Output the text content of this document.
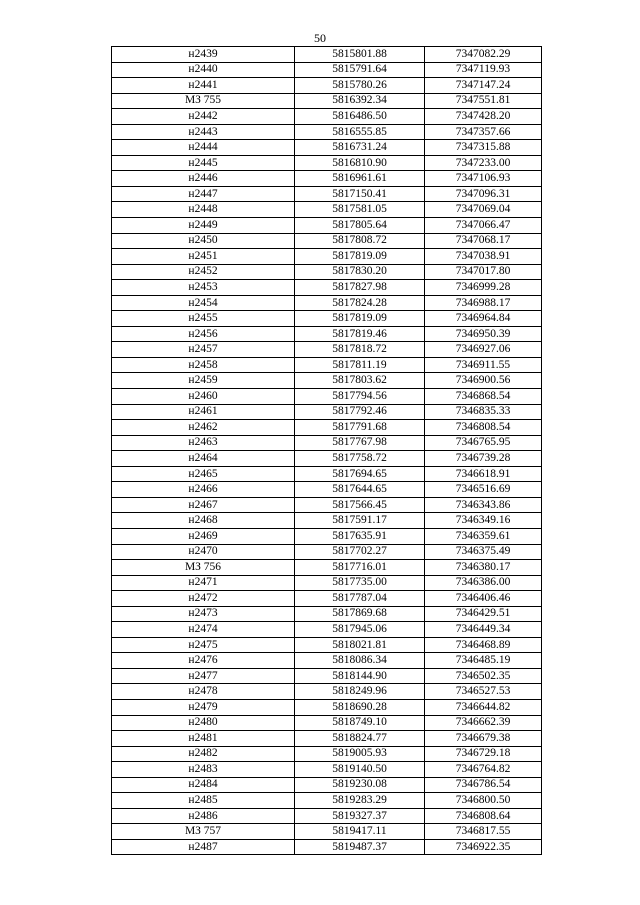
50
н2439	5815801.88	7347082.29
н2440	5815791.64	7347119.93
н2441	5815780.26	7347147.24
МЗ 755	5816392.34	7347551.81
н2442	5816486.50	7347428.20
н2443	5816555.85	7347357.66
н2444	5816731.24	7347315.88
н2445	5816810.90	7347233.00
н2446	5816961.61	7347106.93
н2447	5817150.41	7347096.31
н2448	5817581.05	7347069.04
н2449	5817805.64	7347066.47
н2450	5817808.72	7347068.17
н2451	5817819.09	7347038.91
н2452	5817830.20	7347017.80
н2453	5817827.98	7346999.28
н2454	5817824.28	7346988.17
н2455	5817819.09	7346964.84
н2456	5817819.46	7346950.39
н2457	5817818.72	7346927.06
н2458	5817811.19	7346911.55
н2459	5817803.62	7346900.56
н2460	5817794.56	7346868.54
н2461	5817792.46	7346835.33
н2462	5817791.68	7346808.54
н2463	5817767.98	7346765.95
н2464	5817758.72	7346739.28
н2465	5817694.65	7346618.91
н2466	5817644.65	7346516.69
н2467	5817566.45	7346343.86
н2468	5817591.17	7346349.16
н2469	5817635.91	7346359.61
н2470	5817702.27	7346375.49
МЗ 756	5817716.01	7346380.17
н2471	5817735.00	7346386.00
н2472	5817787.04	7346406.46
н2473	5817869.68	7346429.51
н2474	5817945.06	7346449.34
н2475	5818021.81	7346468.89
н2476	5818086.34	7346485.19
н2477	5818144.90	7346502.35
н2478	5818249.96	7346527.53
н2479	5818690.28	7346644.82
н2480	5818749.10	7346662.39
н2481	5818824.77	7346679.38
н2482	5819005.93	7346729.18
н2483	5819140.50	7346764.82
н2484	5819230.08	7346786.54
н2485	5819283.29	7346800.50
н2486	5819327.37	7346808.64
МЗ 757	5819417.11	7346817.55
н2487	5819487.37	7346922.35
